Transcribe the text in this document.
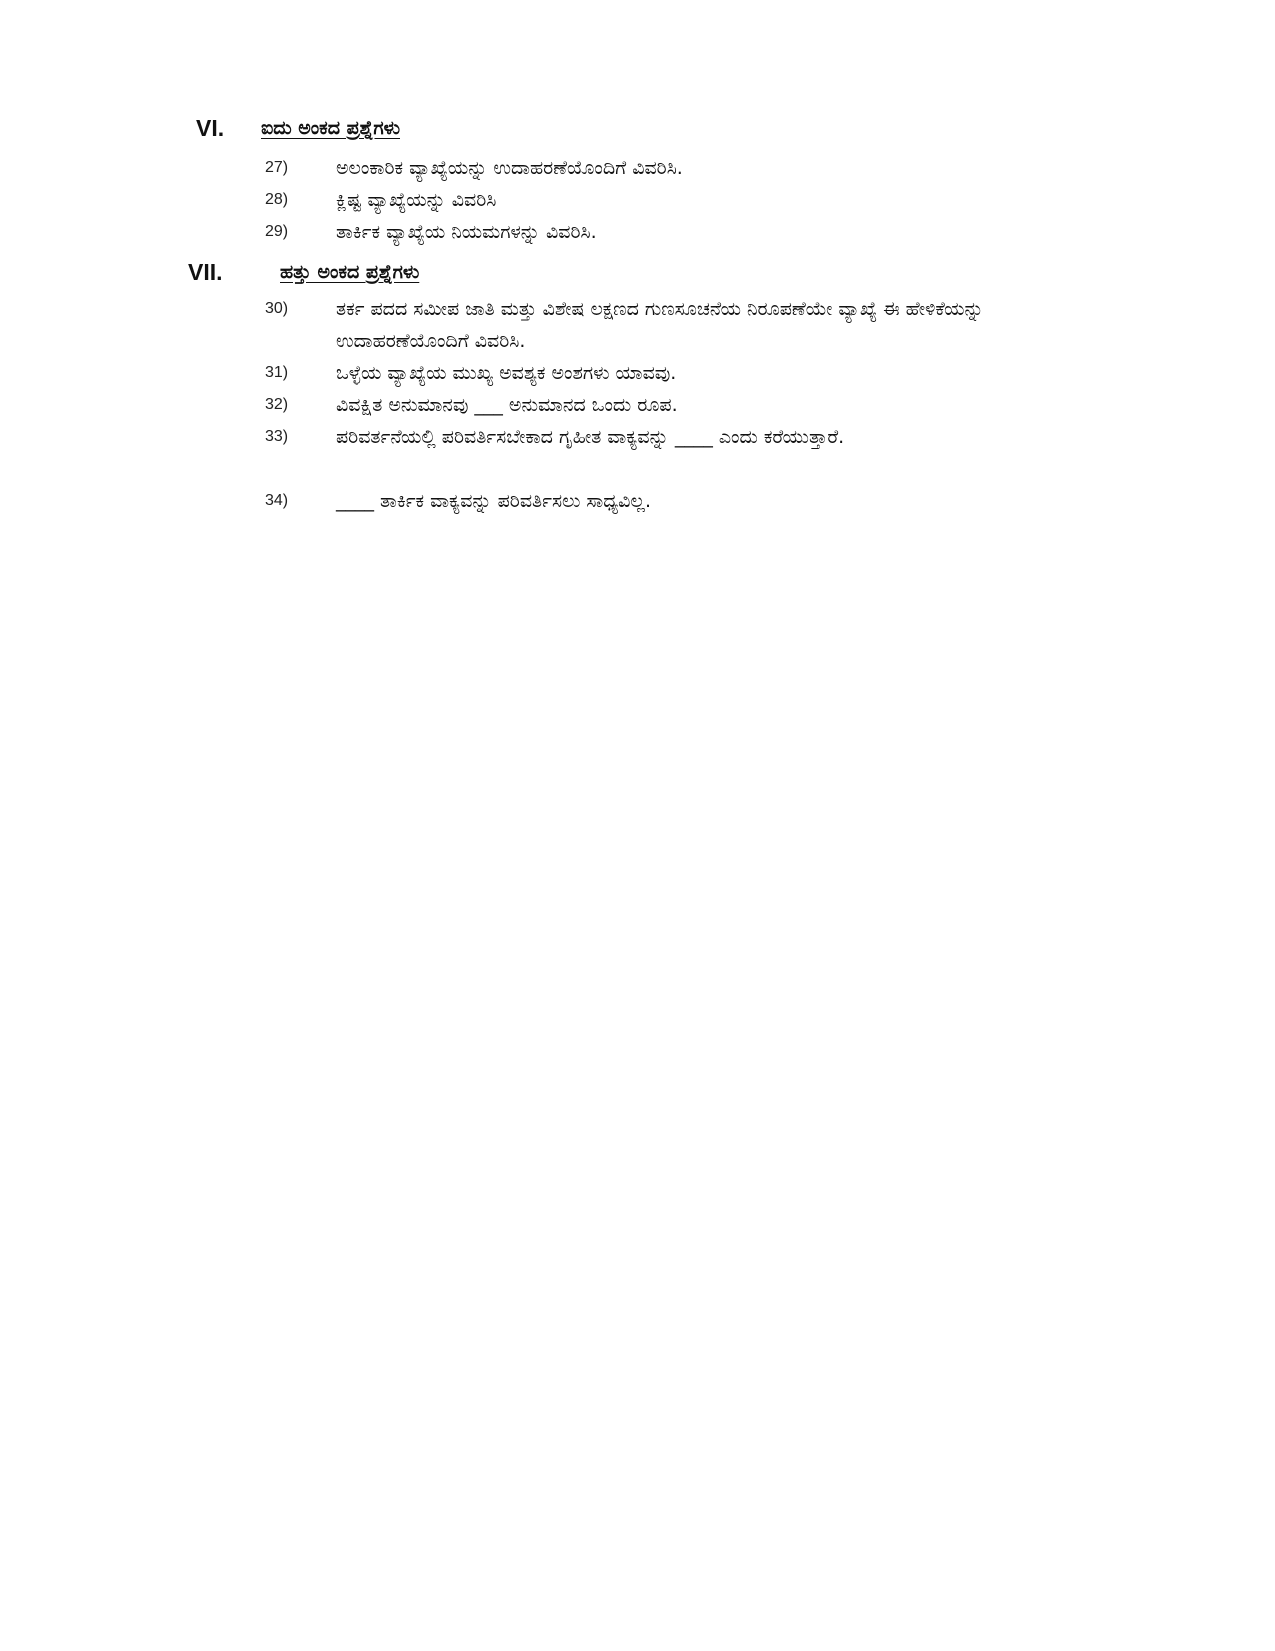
VI. ಐದು ಅಂಕದ ಪ್ರಶ್ನೆಗಳು
27)	ಅಲಂಕಾರಿಕ ವ್ಯಾಖ್ಯೆಯನ್ನು ಉದಾಹರಣೆಯೊಂದಿಗೆ ವಿವರಿಸಿ.
28)	ಕ್ಲಿಷ್ಟ ವ್ಯಾಖ್ಯೆಯನ್ನು ವಿವರಿಸಿ
29)	ತಾರ್ಕಿಕ ವ್ಯಾಖ್ಯೆಯ ನಿಯಮಗಳನ್ನು ವಿವರಿಸಿ.
VII.	ಹತ್ತು ಅಂಕದ ಪ್ರಶ್ನೆಗಳು
30)	ತರ್ಕ ಪದದ ಸಮೀಪ ಜಾತಿ ಮತ್ತು ವಿಶೇಷ ಲಕ್ಷಣದ ಗುಣಸೂಚನೆಯ ನಿರೂಪಣೆಯೇ ವ್ಯಾಖ್ಯೆ ಈ ಹೇಳಿಕೆಯನ್ನು ಉದಾಹರಣೆಯೊಂದಿಗೆ ವಿವರಿಸಿ.
31)	ಒಳ್ಳೆಯ ವ್ಯಾಖ್ಯೆಯ ಮುಖ್ಯ ಅವಶ್ಯಕ ಅಂಶಗಳು ಯಾವವು.
32)	ವಿವಕ್ಷಿತ ಅನುಮಾನವು ___ ಅನುಮಾನದ ಒಂದು ರೂಪ.
33)	ಪರಿವರ್ತನೆಯಲ್ಲಿ ಪರಿವರ್ತಿಸಬೇಕಾದ ಗೃಹೀತ ವಾಕ್ಯವನ್ನು ____ ಎಂದು ಕರೆಯುತ್ತಾರೆ.
34)	____ ತಾರ್ಕಿಕ ವಾಕ್ಯವನ್ನು ಪರಿವರ್ತಿಸಲು ಸಾಧ್ಯವಿಲ್ಲ.
